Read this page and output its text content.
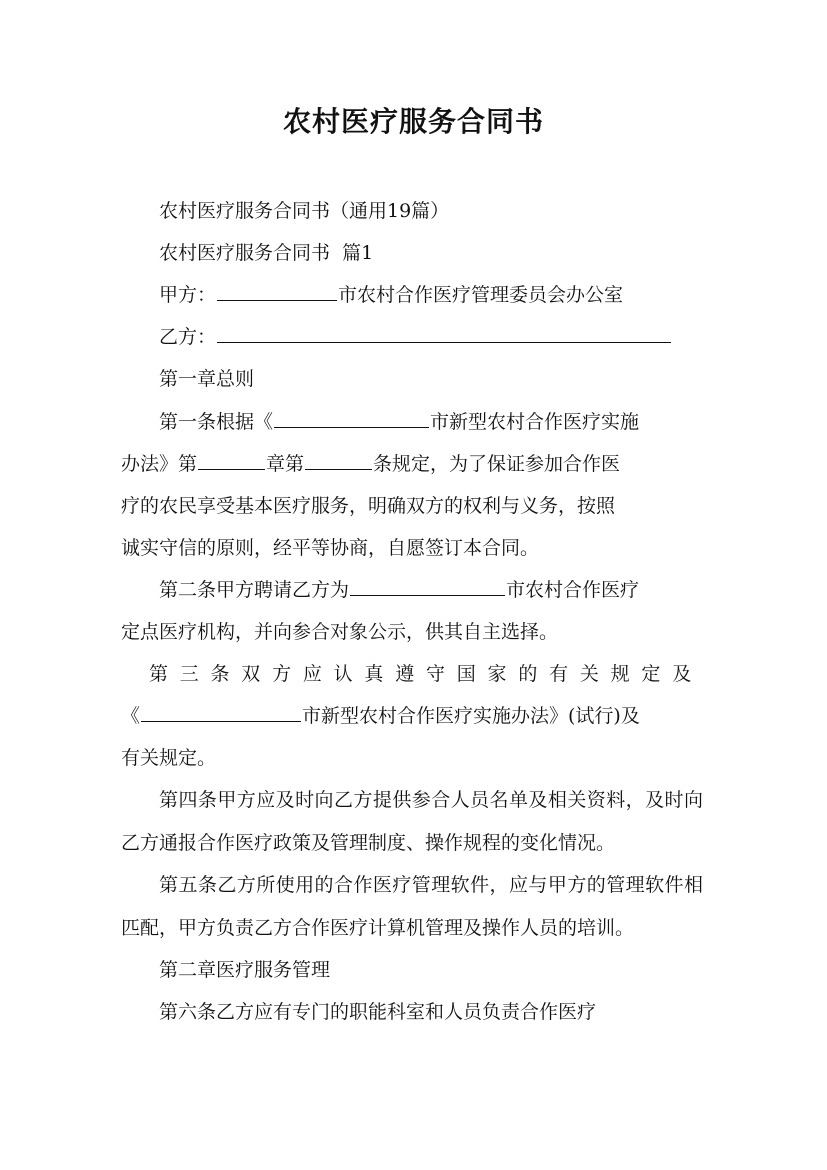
农村医疗服务合同书
农村医疗服务合同书（通用19篇）
农村医疗服务合同书  篇1
甲方：	市农村合作医疗管理委员会办公室
乙方：
第一章总则
第一条根据《	市新型农村合作医疗实施
办法》第	章第	条规定，为了保证参加合作医
疗的农民享受基本医疗服务，明确双方的权利与义务，按照
诚实守信的原则，经平等协商，自愿签订本合同。
第二条甲方聘请乙方为	市农村合作医疗
定点医疗机构，并向参合对象公示，供其自主选择。
第三条双方应认真遵守国家的有关规定及
《	市新型农村合作医疗实施办法》(试行)及
有关规定。
第四条甲方应及时向乙方提供参合人员名单及相关资料，及时向乙方通报合作医疗政策及管理制度、操作规程的变化情况。
第五条乙方所使用的合作医疗管理软件，应与甲方的管理软件相匹配，甲方负责乙方合作医疗计算机管理及操作人员的培训。
第二章医疗服务管理
第六条乙方应有专门的职能科室和人员负责合作医疗
